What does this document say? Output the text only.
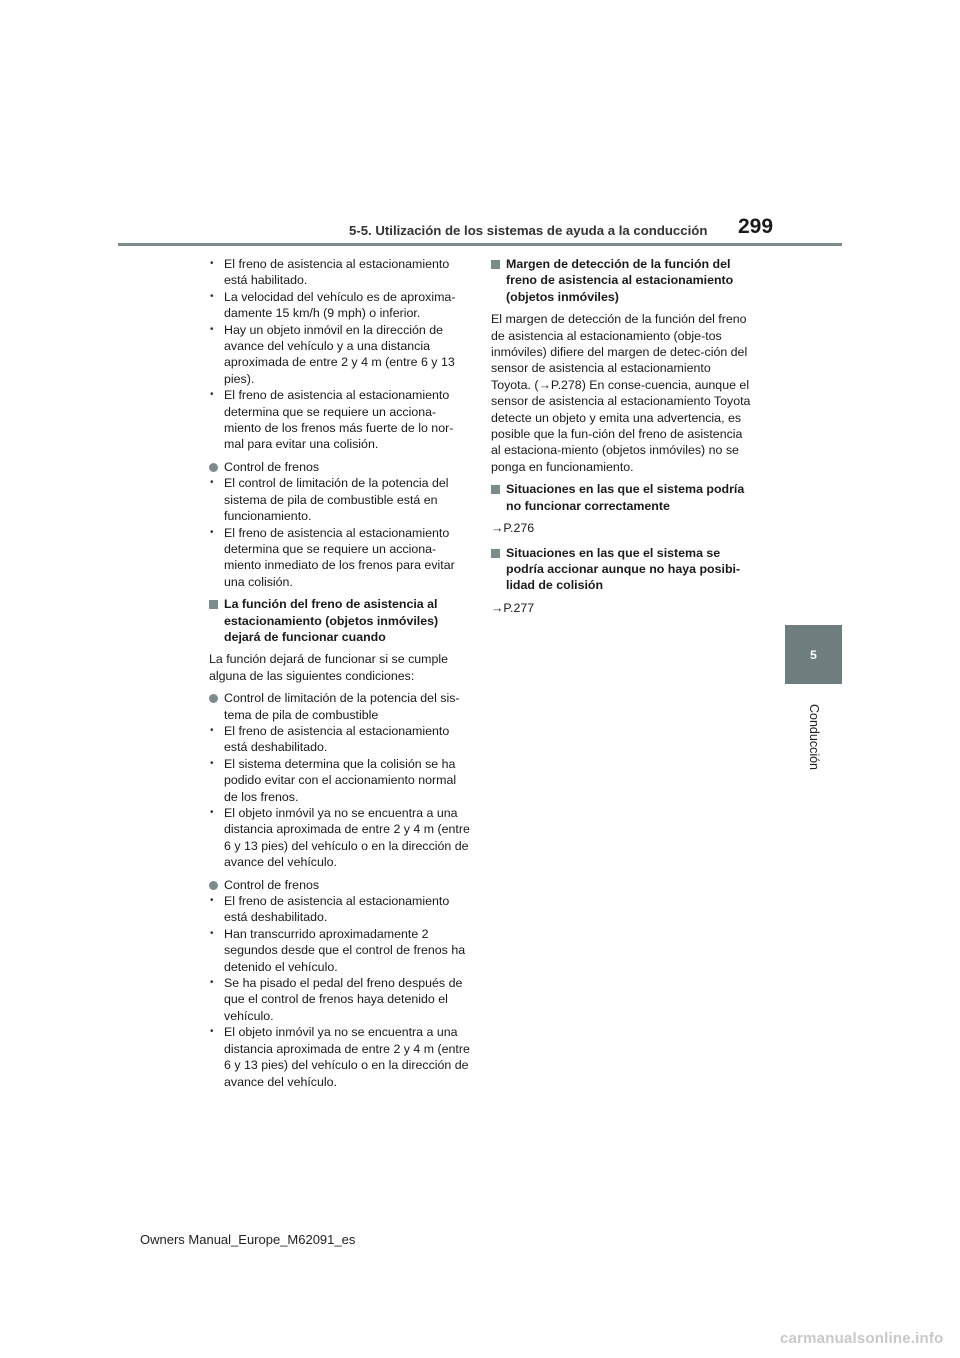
5-5. Utilización de los sistemas de ayuda a la conducción 299
5
Conducción
• El freno de asistencia al estacionamiento está habilitado.
• La velocidad del vehículo es de aproxima-damente 15 km/h (9 mph) o inferior.
• Hay un objeto inmóvil en la dirección de avance del vehículo y a una distancia aproximada de entre 2 y 4 m (entre 6 y 13 pies).
• El freno de asistencia al estacionamiento determina que se requiere un acciona-miento de los frenos más fuerte de lo nor-mal para evitar una colisión.
Control de frenos
• El control de limitación de la potencia del sistema de pila de combustible está en funcionamiento.
• El freno de asistencia al estacionamiento determina que se requiere un acciona-miento inmediato de los frenos para evitar una colisión.
La función del freno de asistencia al estacionamiento (objetos inmóviles) dejará de funcionar cuando

La función dejará de funcionar si se cumple alguna de las siguientes condiciones:

Control de limitación de la potencia del sis-tema de pila de combustible
• El freno de asistencia al estacionamiento está deshabilitado.
• El sistema determina que la colisión se ha podido evitar con el accionamiento normal de los frenos.
• El objeto inmóvil ya no se encuentra a una distancia aproximada de entre 2 y 4 m (entre 6 y 13 pies) del vehículo o en la dirección de avance del vehículo.
Control de frenos
• El freno de asistencia al estacionamiento está deshabilitado.
• Han transcurrido aproximadamente 2 segundos desde que el control de frenos ha detenido el vehículo.
• Se ha pisado el pedal del freno después de que el control de frenos haya detenido el vehículo.
• El objeto inmóvil ya no se encuentra a una distancia aproximada de entre 2 y 4 m (entre 6 y 13 pies) del vehículo o en la dirección de avance del vehículo.
Margen de detección de la función del freno de asistencia al estacionamiento (objetos inmóviles)

El margen de detección de la función del freno de asistencia al estacionamiento (obje-tos inmóviles) difiere del margen de detec-ción del sensor de asistencia al estacionamiento Toyota. (→P.278) En conse-cuencia, aunque el sensor de asistencia al estacionamiento Toyota detecte un objeto y emita una advertencia, es posible que la fun-ción del freno de asistencia al estaciona-miento (objetos inmóviles) no se ponga en funcionamiento.

Situaciones en las que el sistema podría no funcionar correctamente

→P.276

Situaciones en las que el sistema se podría accionar aunque no haya posibi-lidad de colisión

→P.277

Owners Manual_Europe_M62091_es
carmanualsonline.info
